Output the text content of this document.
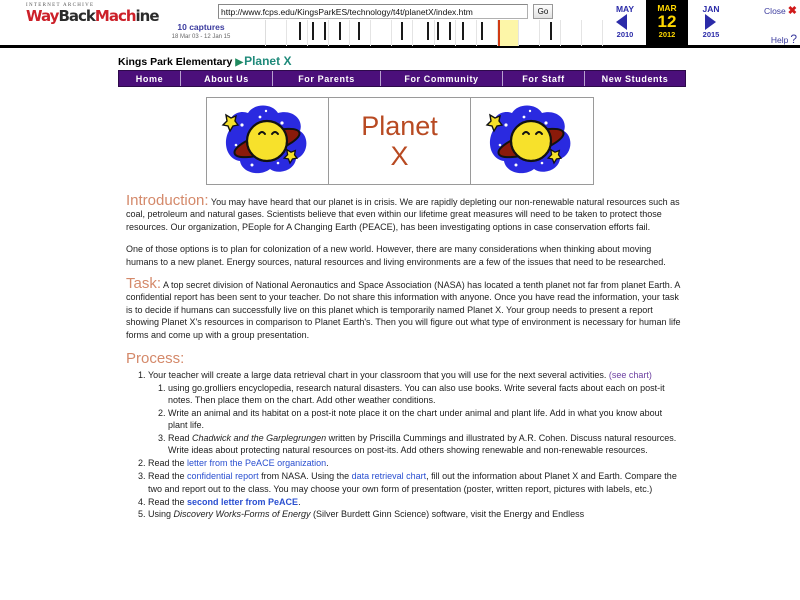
INTERNET ARCHIVE
WayBackMachine
http://www.fcps.edu/KingsParkES/technology/t4t/planetX/index.htm	Go
10 captures
18 Mar 03 - 12 Jan 15
MAY
2010
MAR
12
2012
JAN
2015
Close ✖
Help ?
Kings Park Elementary ▶Planet X
Home	About Us	For Parents	For Community	For Staff	New Students
Planet
X

Introduction: You may have heard that our planet is in crisis. We are rapidly depleting our non-renewable natural resources such as coal, petroleum and natural gases. Scientists believe that even within our lifetime great measures will need to be taken to protect those resources. Our organization, PEople for A Changing Earth (PEACE), has been investigating options in case conservation efforts fail.

One of those options is to plan for colonization of a new world. However, there are many considerations when thinking about moving humans to a new planet. Energy sources, natural resources and living environments are a few of the issues that need to be researched.

Task: A top secret division of National Aeronautics and Space Association (NASA) has located a tenth planet not far from planet Earth. A confidential report has been sent to your teacher. Do not share this information with anyone. Once you have read the information, your task is to decide if humans can successfully live on this planet which is temporarily named Planet X. Your group needs to present a report showing Planet X's resources in comparison to Planet Earth's. Then you will figure out what type of environment is necessary for human life forms and come up with a group presentation.

Process:
1. Your teacher will create a large data retrieval chart in your classroom that you will use for the next several activities. (see chart)
1. using go.grolliers encyclopedia, research natural disasters. You can also use books. Write several facts about each on post-it notes. Then place them on the chart. Add other weather conditions.
2. Write an animal and its habitat on a post-it note place it on the chart under animal and plant life. Add in what you know about plant life.
3. Read Chadwick and the Garplegrungen written by Priscilla Cummings and illustrated by A.R. Cohen. Discuss natural resources. Write ideas about protecting natural resources on post-its. Add others showing renewable and non-renewable resources.
2. Read the letter from the PeACE organization.
3. Read the confidential report from NASA. Using the data retrieval chart, fill out the information about Planet X and Earth. Compare the two and report out to the class. You may choose your own form of presentation (poster, written report, pictures with labels, etc.)
4. Read the second letter from PeACE.
5. Using Discovery Works-Forms of Energy (Silver Burdett Ginn Science) software, visit the Energy and Endless
